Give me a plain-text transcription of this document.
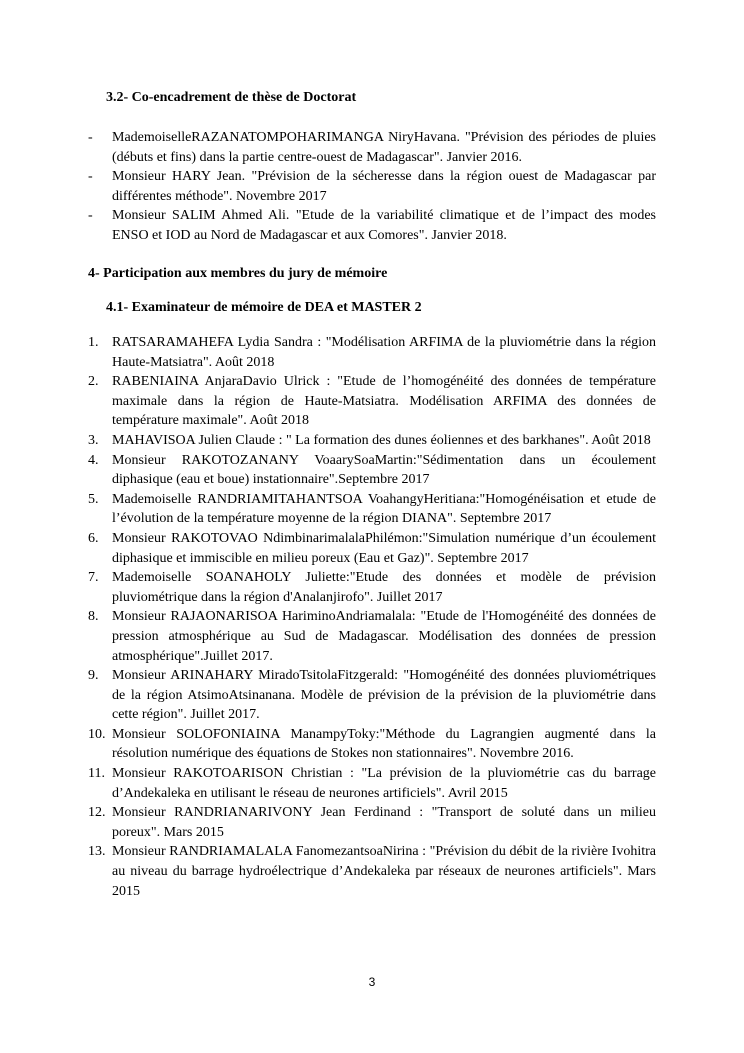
3.2- Co-encadrement de thèse de Doctorat
- MademoiselleRAZANATOMPOHARIMANGA NiryHavana. "Prévision des périodes de pluies (débuts et fins) dans la partie centre-ouest de Madagascar". Janvier 2016.
- Monsieur HARY Jean. "Prévision de la sécheresse dans la région ouest de Madagascar par différentes méthode". Novembre 2017
- Monsieur SALIM Ahmed Ali. "Etude de la variabilité climatique et de l’impact des modes ENSO et IOD au Nord de Madagascar et aux Comores". Janvier 2018.
4- Participation aux membres du jury de mémoire
4.1- Examinateur de mémoire de DEA et MASTER 2
1. RATSARAMAHEFA Lydia Sandra : "Modélisation ARFIMA de la pluviométrie dans la région Haute-Matsiatra". Août 2018
2. RABENIAINA AnjaraDavio Ulrick : "Etude de l’homogénéité des données de température maximale dans la région de Haute-Matsiatra. Modélisation ARFIMA des données de température maximale". Août 2018
3. MAHAVISOA Julien Claude : " La formation des dunes éoliennes et des barkhanes". Août 2018
4. Monsieur RAKOTOZANANY VoaarySoaMartin:"Sédimentation dans un écoulement diphasique (eau et boue) instationnaire".Septembre 2017
5. Mademoiselle RANDRIAMITAHANTSOA VoahangyHeritiana:"Homogénéisation et etude de l’évolution de la température moyenne de la région DIANA". Septembre 2017
6. Monsieur RAKOTOVAO NdimbinarimalalaPhilémon:"Simulation numérique d’un écoulement diphasique et immiscible en milieu poreux (Eau et Gaz)". Septembre 2017
7. Mademoiselle SOANAHOLY Juliette:"Etude des données et modèle de prévision pluviométrique dans la région d'Analanjirofo". Juillet 2017
8. Monsieur RAJAONARISOA HariminoAndriamalala: "Etude de l'Homogénéité des données de pression atmosphérique au Sud de Madagascar. Modélisation des données de pression atmosphérique".Juillet 2017.
9. Monsieur ARINAHARY MiradoTsitolaFitzgerald: "Homogénéité des données pluviométriques de la région AtsimoAtsinanana. Modèle de prévision de la prévision de la pluviométrie dans cette région". Juillet 2017.
10. Monsieur SOLOFONIAINA ManampyToky:"Méthode du Lagrangien augmenté dans la résolution numérique des équations de Stokes non stationnaires". Novembre 2016.
11. Monsieur RAKOTOARISON Christian : "La prévision de la pluviométrie cas du barrage d’Andekaleka en utilisant le réseau de neurones artificiels". Avril 2015
12. Monsieur RANDRIANARIVONY Jean Ferdinand : "Transport de soluté dans un milieu poreux". Mars 2015
13. Monsieur RANDRIAMALALA FanomezantsoaNirina : "Prévision du débit de la rivière Ivohitra au niveau du barrage hydroélectrique d’Andekaleka par réseaux de neurones artificiels". Mars 2015
3
